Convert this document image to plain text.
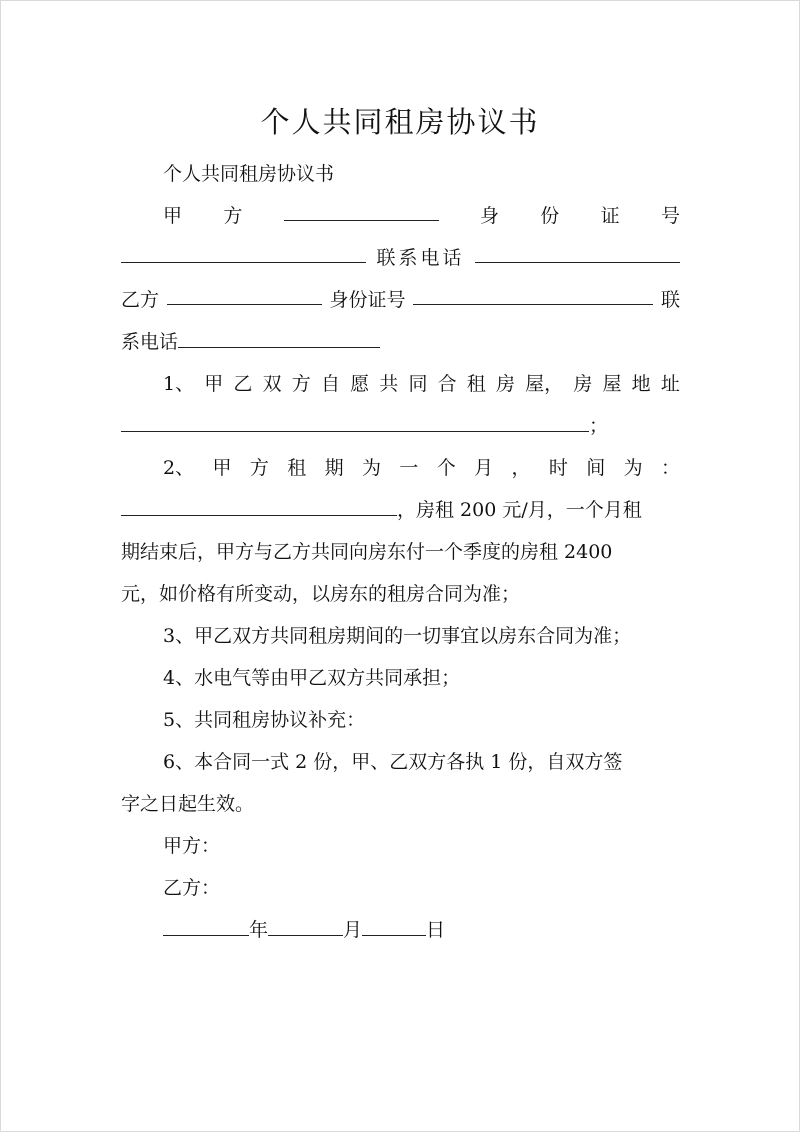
个人共同租房协议书
个人共同租房协议书
甲 方	身 份 证 号
联系电话
乙方	身份证号	联
系电话
1、 甲 乙 双 方 自 愿 共 同 合 租 房 屋， 房 屋 地 址
；
2、 甲 方 租 期 为 一 个 月 ， 时 间 为 ：
，房租 200 元/月，一个月租
期结束后，甲方与乙方共同向房东付一个季度的房租 2400
元，如价格有所变动，以房东的租房合同为准；
3、甲乙双方共同租房期间的一切事宜以房东合同为准；
4、水电气等由甲乙双方共同承担；
5、共同租房协议补充：
6、本合同一式 2 份，甲、乙双方各执 1 份，自双方签
字之日起生效。
甲方：
乙方：
年	月	日
